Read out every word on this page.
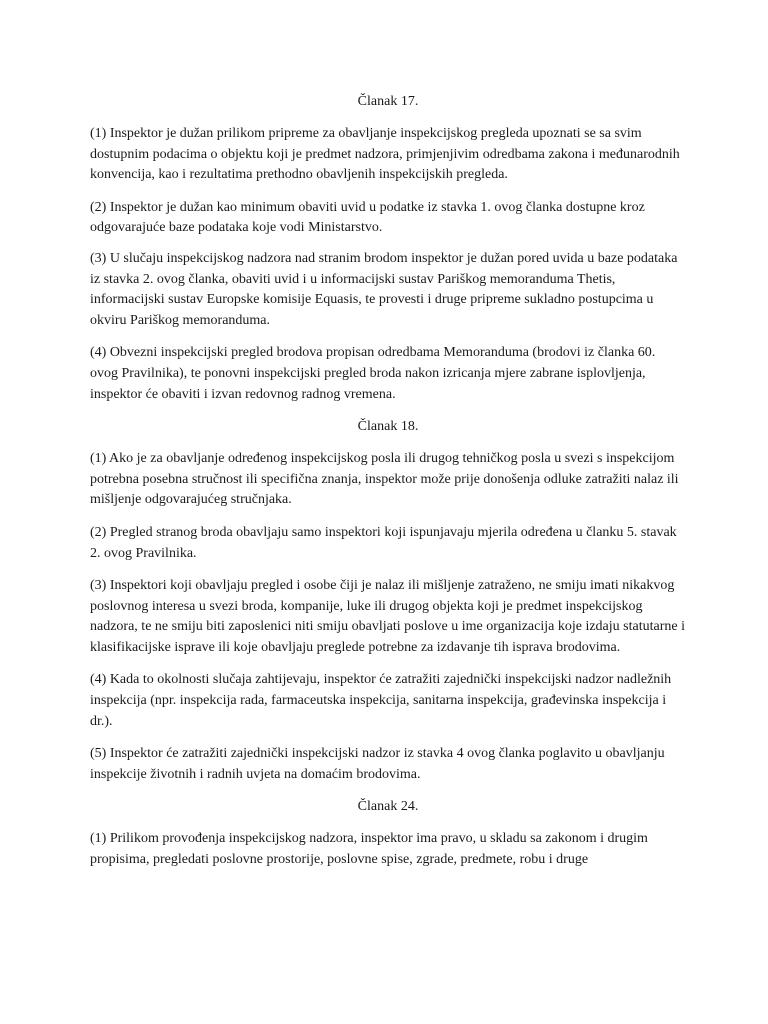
Članak 17.
(1) Inspektor je dužan prilikom pripreme za obavljanje inspekcijskog pregleda upoznati se sa svim dostupnim podacima o objektu koji je predmet nadzora, primjenjivim odredbama zakona i međunarodnih konvencija, kao i rezultatima prethodno obavljenih inspekcijskih pregleda.
(2) Inspektor je dužan kao minimum obaviti uvid u podatke iz stavka 1. ovog članka dostupne kroz odgovarajuće baze podataka koje vodi Ministarstvo.
(3) U slučaju inspekcijskog nadzora nad stranim brodom inspektor je dužan pored uvida u baze podataka iz stavka 2. ovog članka, obaviti uvid i u informacijski sustav Pariškog memoranduma Thetis, informacijski sustav Europske komisije Equasis, te provesti i druge pripreme sukladno postupcima u okviru Pariškog memoranduma.
(4) Obvezni inspekcijski pregled brodova propisan odredbama Memoranduma (brodovi iz članka 60. ovog Pravilnika), te ponovni inspekcijski pregled broda nakon izricanja mjere zabrane isplovljenja, inspektor će obaviti i izvan redovnog radnog vremena.
Članak 18.
(1) Ako je za obavljanje određenog inspekcijskog posla ili drugog tehničkog posla u svezi s inspekcijom potrebna posebna stručnost ili specifična znanja, inspektor može prije donošenja odluke zatražiti nalaz ili mišljenje odgovarajućeg stručnjaka.
(2) Pregled stranog broda obavljaju samo inspektori koji ispunjavaju mjerila određena u članku 5. stavak 2. ovog Pravilnika.
(3) Inspektori koji obavljaju pregled i osobe čiji je nalaz ili mišljenje zatraženo, ne smiju imati nikakvog poslovnog interesa u svezi broda, kompanije, luke ili drugog objekta koji je predmet inspekcijskog nadzora, te ne smiju biti zaposlenici niti smiju obavljati poslove u ime organizacija koje izdaju statutarne i klasifikacijske isprave ili koje obavljaju preglede potrebne za izdavanje tih isprava brodovima.
(4) Kada to okolnosti slučaja zahtijevaju, inspektor će zatražiti zajednički inspekcijski nadzor nadležnih inspekcija (npr. inspekcija rada, farmaceutska inspekcija, sanitarna inspekcija, građevinska inspekcija i dr.).
(5) Inspektor će zatražiti zajednički inspekcijski nadzor iz stavka 4 ovog članka poglavito u obavljanju inspekcije životnih i radnih uvjeta na domaćim brodovima.
Članak 24.
(1) Prilikom provođenja inspekcijskog nadzora, inspektor ima pravo, u skladu sa zakonom i drugim propisima, pregledati poslovne prostorije, poslovne spise, zgrade, predmete, robu i druge
